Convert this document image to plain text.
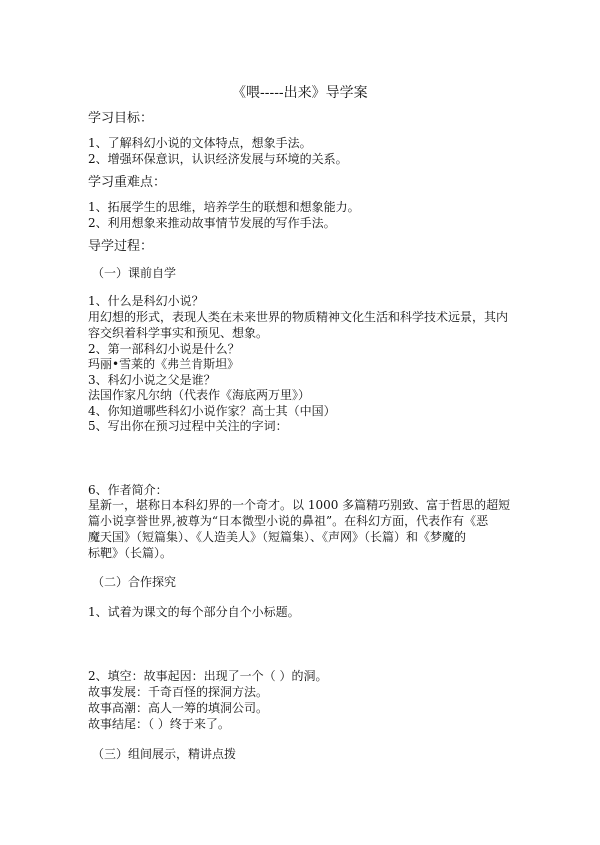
《喂-----出来》导学案
学习目标：
1、了解科幻小说的文体特点，想象手法。
2、增强环保意识，认识经济发展与环境的关系。
学习重难点：
1、拓展学生的思维，培养学生的联想和想象能力。
2、利用想象来推动故事情节发展的写作手法。
导学过程：
（一）课前自学
1、什么是科幻小说？
用幻想的形式，表现人类在未来世界的物质精神文化生活和科学技术远景，其内
容交织着科学事实和预见、想象。
2、第一部科幻小说是什么？
玛丽•雪莱的《弗兰肯斯坦》
3、科幻小说之父是谁？
法国作家凡尔纳（代表作《海底两万里》）
4、你知道哪些科幻小说作家？高士其（中国）
5、写出你在预习过程中关注的字词：
6、作者简介：
星新一，堪称日本科幻界的一个奇才。以 1000 多篇精巧别致、富于哲思的超短
篇小说享誉世界,被尊为“日本微型小说的鼻祖”。在科幻方面，代表作有《恶
魔天国》（短篇集）、《人造美人》（短篇集）、《声网》（长篇）和《梦魔的
标靶》（长篇）。
（二）合作探究
1、试着为课文的每个部分自个小标题。
2、填空：故事起因：出现了一个（ ）的洞。
故事发展：千奇百怪的探洞方法。
故事高潮：高人一筹的填洞公司。
故事结尾：（ ）终于来了。
（三）组间展示，精讲点拨
